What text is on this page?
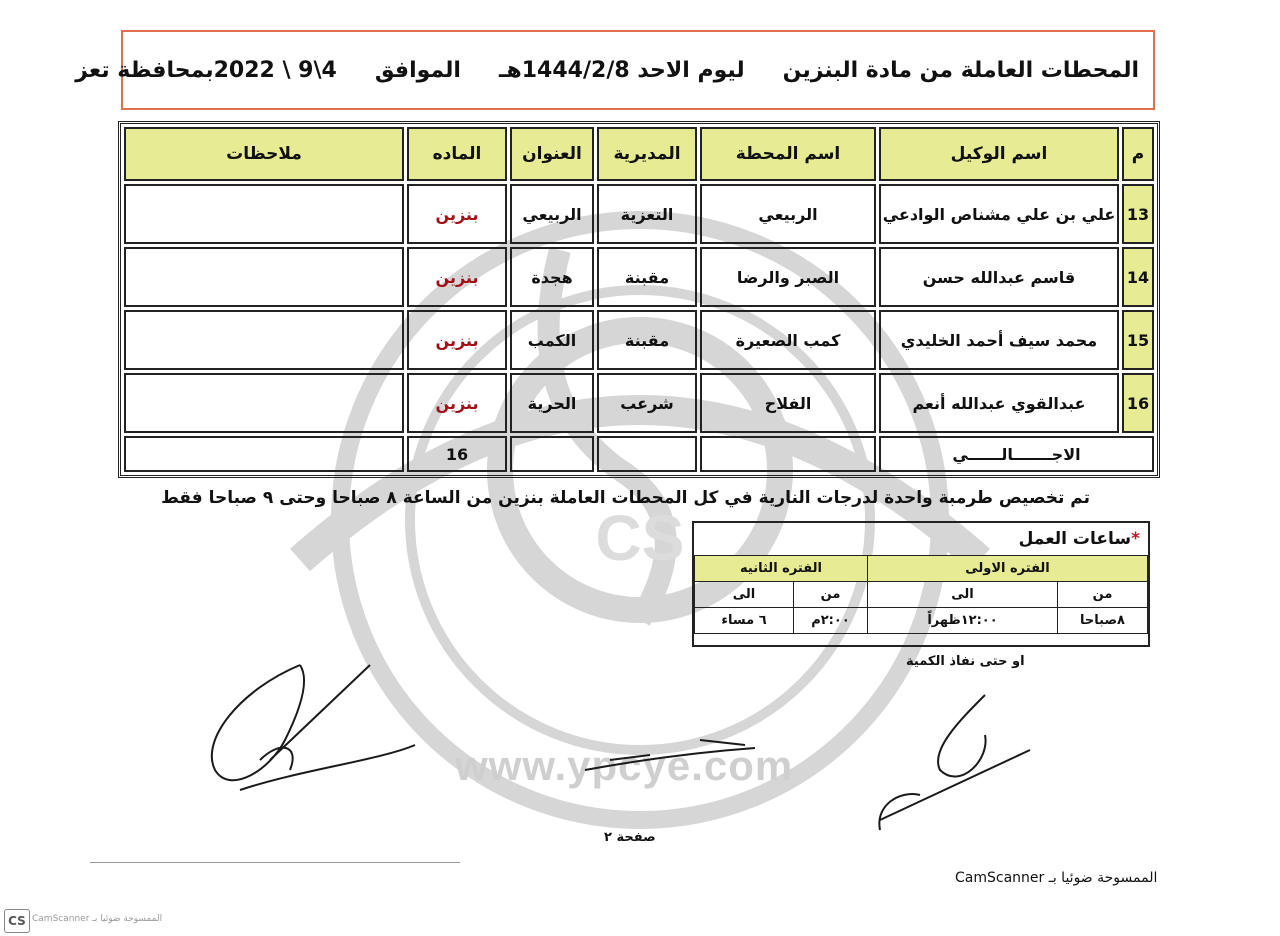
CS
المحطات العاملة من مادة البنزين
ليوم الاحد 1444/2/8هـ
الموافق
4\9 \ 2022بمحافظة تعز
م	اسم الوكيل	اسم المحطة	المديرية	العنوان	الماده	ملاحظات
13	علي بن علي مشناص الوادعي	الربيعي	التعزية	الربيعي	بنزين	
14	قاسم عبدالله حسن	الصبر والرضا	مقبنة	هجدة	بنزين	
15	محمد سيف أحمد الخليدي	كمب الصعيرة	مقبنة	الكمب	بنزين	
16	عبدالقوي عبدالله أنعم	الفلاح	شرعب	الحرية	بنزين	
الاجـــــــالــــــي					16	
تم تخصيص طرمبة واحدة لدرجات النارية في كل المحطات العاملة بنزين من الساعة ٨ صباحا وحتى ٩ صباحا فقط
*ساعات العمل
الفتره الاولى		الفتره الثانيه	
من	الى	من	الى
٨صباحا	١٢:٠٠ظهراً	٢:٠٠م	٦ مساء
او حتى نفاذ الكمية
www.ypcye.com
صفحة ٢
الممسوحة ضوئيا بـ CamScanner
CS الممسوحة ضوئيا بـ CamScanner
